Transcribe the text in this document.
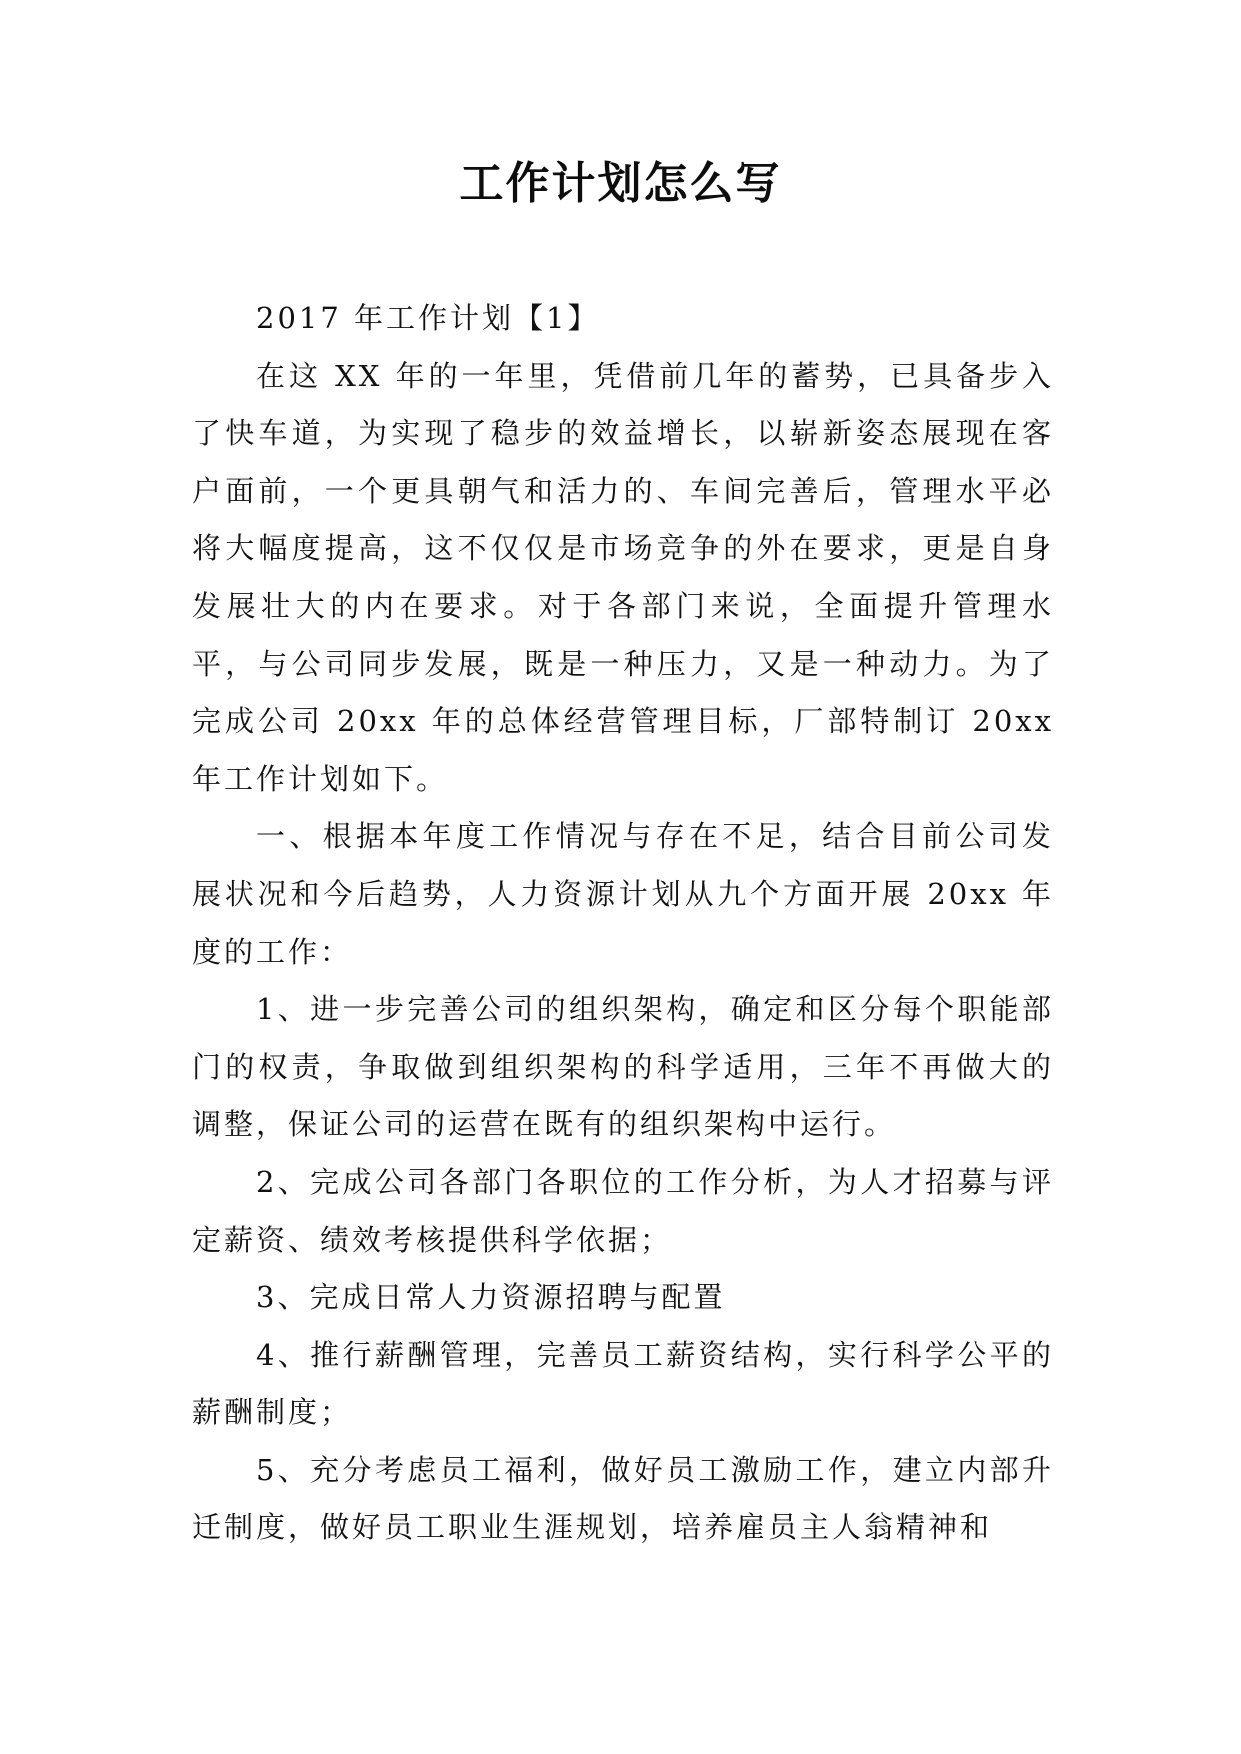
工作计划怎么写

2017 年工作计划【1】

在这 XX 年的一年里，凭借前几年的蓄势，已具备步入了快车道，为实现了稳步的效益增长，以崭新姿态展现在客户面前，一个更具朝气和活力的、车间完善后，管理水平必将大幅度提高，这不仅仅是市场竞争的外在要求，更是自身发展壮大的内在要求。对于各部门来说，全面提升管理水平，与公司同步发展，既是一种压力，又是一种动力。为了完成公司 20xx 年的总体经营管理目标，厂部特制订 20xx 年工作计划如下。

一、根据本年度工作情况与存在不足，结合目前公司发展状况和今后趋势，人力资源计划从九个方面开展 20xx 年度的工作：

1、进一步完善公司的组织架构，确定和区分每个职能部门的权责，争取做到组织架构的科学适用，三年不再做大的调整，保证公司的运营在既有的组织架构中运行。

2、完成公司各部门各职位的工作分析，为人才招募与评定薪资、绩效考核提供科学依据；

3、完成日常人力资源招聘与配置

4、推行薪酬管理，完善员工薪资结构，实行科学公平的薪酬制度；

5、充分考虑员工福利，做好员工激励工作，建立内部升迁制度，做好员工职业生涯规划，培养雇员主人翁精神和
